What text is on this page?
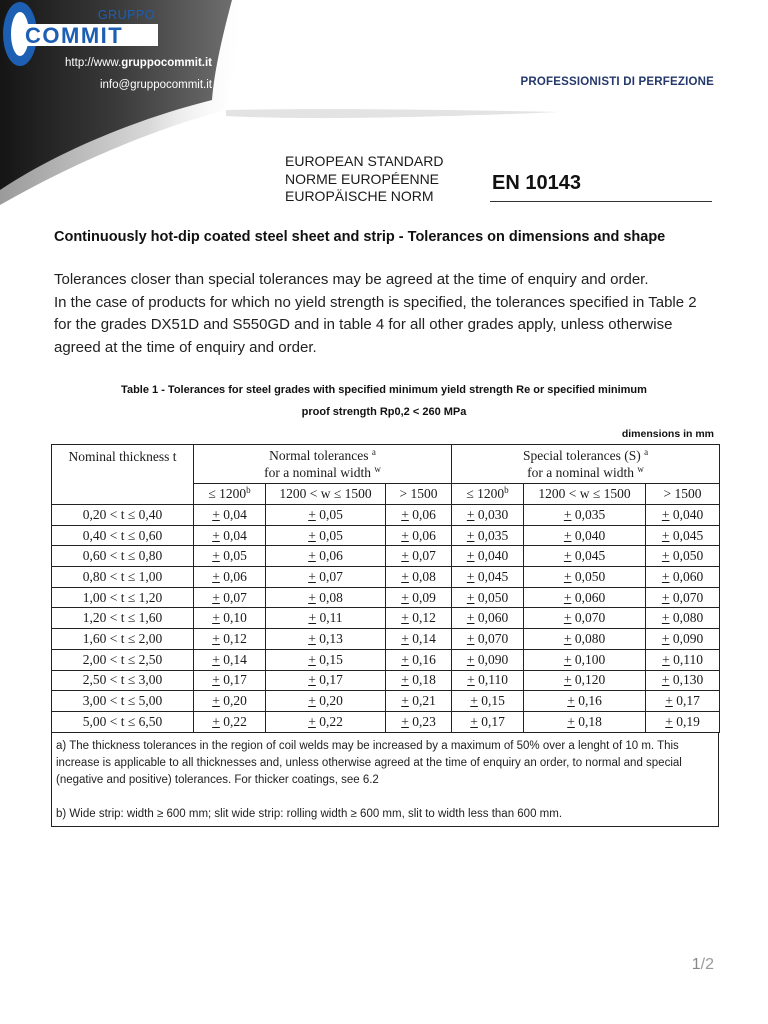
http://www.gruppocommit.it
info@gruppocommit.it
GRUPPO
COMMIT
PROFESSIONISTI DI PERFEZIONE
EUROPEAN STANDARD
NORME EUROPÉENNE
EUROPÄISCHE NORM
EN 10143
Continuously hot-dip coated steel sheet and strip - Tolerances on dimensions and shape

Tolerances closer than special tolerances may be agreed at the time of enquiry and order.

In the case of products for which no yield strength is specified, the tolerances specified in Table 2 for the grades DX51D and S550GD and in table 4 for all other grades apply, unless otherwise agreed at the time of enquiry and order.

Table 1 - Tolerances for steel grades with specified minimum yield strength Re or specified minimum
proof strength Rp0,2 < 260 MPa
dimensions in mm
Nominal thickness t	Normal tolerances $^a$
for a nominal width $^w$			Special tolerances (S) $^a$
for a nominal width $^w$
	≤ $1200^b$	1200 < w ≤ 1500	> 1500	≤ $1200^b$	1200 < w ≤ 1500	> 1500
0,20 < t ≤ 0,40	+ 0,04	+ 0,05	+ 0,06	+ 0,030	+ 0,035	+ 0,040
0,40 < t ≤ 0,60	+ 0,04	+ 0,05	+ 0,06	+ 0,035	+ 0,040	+ 0,045
0,60 < t ≤ 0,80	+ 0,05	+ 0,06	+ 0,07	+ 0,040	+ 0,045	+ 0,050
0,80 < t ≤ 1,00	+ 0,06	+ 0,07	+ 0,08	+ 0,045	+ 0,050	+ 0,060
1,00 < t ≤ 1,20	+ 0,07	+ 0,08	+ 0,09	+ 0,050	+ 0,060	+ 0,070
1,20 < t ≤ 1,60	+ 0,10	+ 0,11	+ 0,12	+ 0,060	+ 0,070	+ 0,080
1,60 < t ≤ 2,00	+ 0,12	+ 0,13	+ 0,14	+ 0,070	+ 0,080	+ 0,090
2,00 < t ≤ 2,50	+ 0,14	+ 0,15	+ 0,16	+ 0,090	+ 0,100	+ 0,110
2,50 < t ≤ 3,00	+ 0,17	+ 0,17	+ 0,18	+ 0,110	+ 0,120	+ 0,130
3,00 < t ≤ 5,00	+ 0,20	+ 0,20	+ 0,21	+ 0,15	+ 0,16	+ 0,17
5,00 < t ≤ 6,50	+ 0,22	+ 0,22	+ 0,23	+ 0,17	+ 0,18	+ 0,19

a) The thickness tolerances in the region of coil welds may be increased by a maximum of 50% over a lenght of 10 m. This increase is applicable to all thicknesses and, unless otherwise agreed at the time of enquiry an order, to normal and special (negative and positive) tolerances. For thicker coatings, see 6.2

b) Wide strip: width ≥ 600 mm; slit wide strip: rolling width ≥ 600 mm, slit to width less than 600 mm.

1/2
